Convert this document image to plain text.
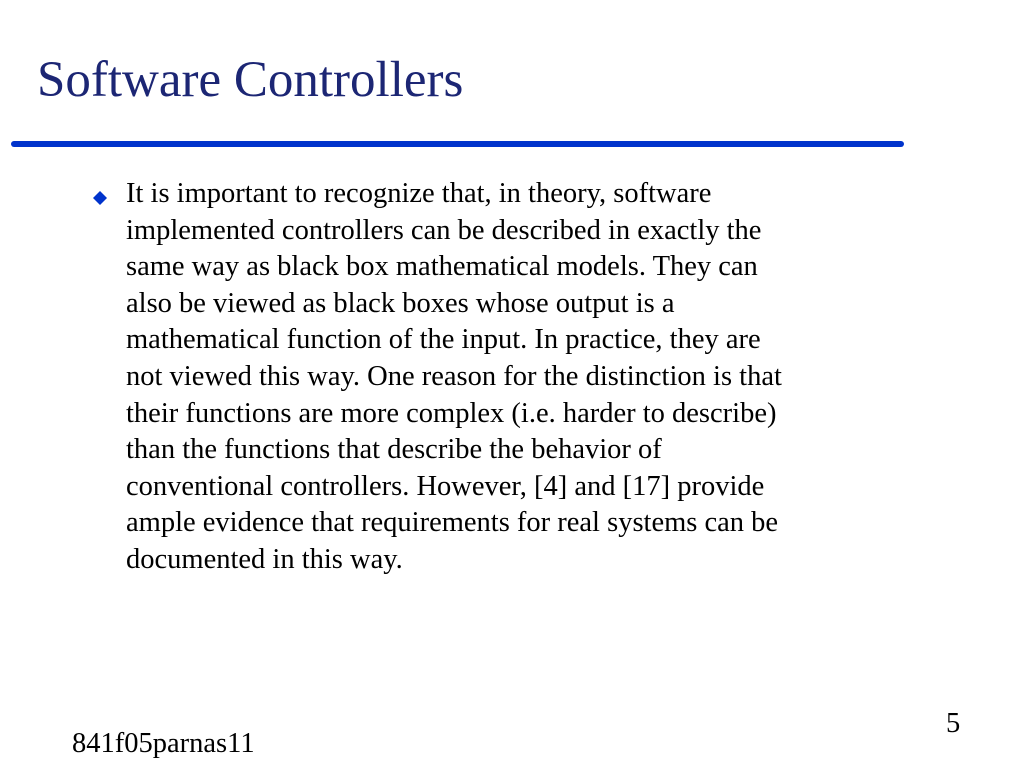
Software Controllers

It is important to recognize that, in theory, software
implemented controllers can be described in exactly the
same way as black box mathematical models. They can
also be viewed as black boxes whose output is a
mathematical function of the input. In practice, they are
not viewed this way. One reason for the distinction is that
their functions are more complex (i.e. harder to describe)
than the functions that describe the behavior of
conventional controllers. However, [4] and [17] provide
ample evidence that requirements for real systems can be
documented in this way.

841f05parnas11
5
